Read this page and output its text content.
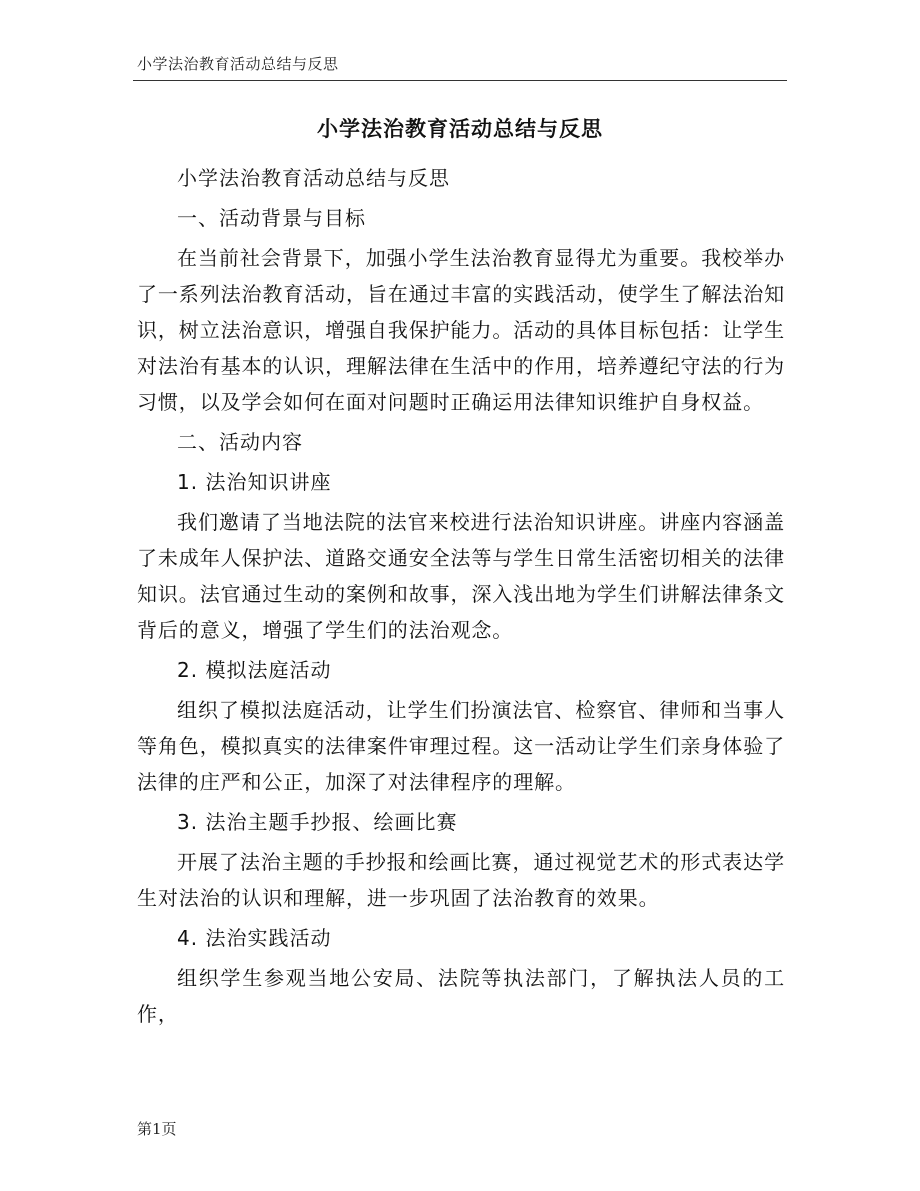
小学法治教育活动总结与反思
小学法治教育活动总结与反思

小学法治教育活动总结与反思

一、活动背景与目标

在当前社会背景下，加强小学生法治教育显得尤为重要。我校举办了一系列法治教育活动，旨在通过丰富的实践活动，使学生了解法治知识，树立法治意识，增强自我保护能力。活动的具体目标包括：让学生对法治有基本的认识，理解法律在生活中的作用，培养遵纪守法的行为习惯，以及学会如何在面对问题时正确运用法律知识维护自身权益。

二、活动内容

1. 法治知识讲座

我们邀请了当地法院的法官来校进行法治知识讲座。讲座内容涵盖了未成年人保护法、道路交通安全法等与学生日常生活密切相关的法律知识。法官通过生动的案例和故事，深入浅出地为学生们讲解法律条文背后的意义，增强了学生们的法治观念。

2. 模拟法庭活动

组织了模拟法庭活动，让学生们扮演法官、检察官、律师和当事人等角色，模拟真实的法律案件审理过程。这一活动让学生们亲身体验了法律的庄严和公正，加深了对法律程序的理解。

3. 法治主题手抄报、绘画比赛

开展了法治主题的手抄报和绘画比赛，通过视觉艺术的形式表达学生对法治的认识和理解，进一步巩固了法治教育的效果。

4. 法治实践活动

组织学生参观当地公安局、法院等执法部门，了解执法人员的工作，

第1页
